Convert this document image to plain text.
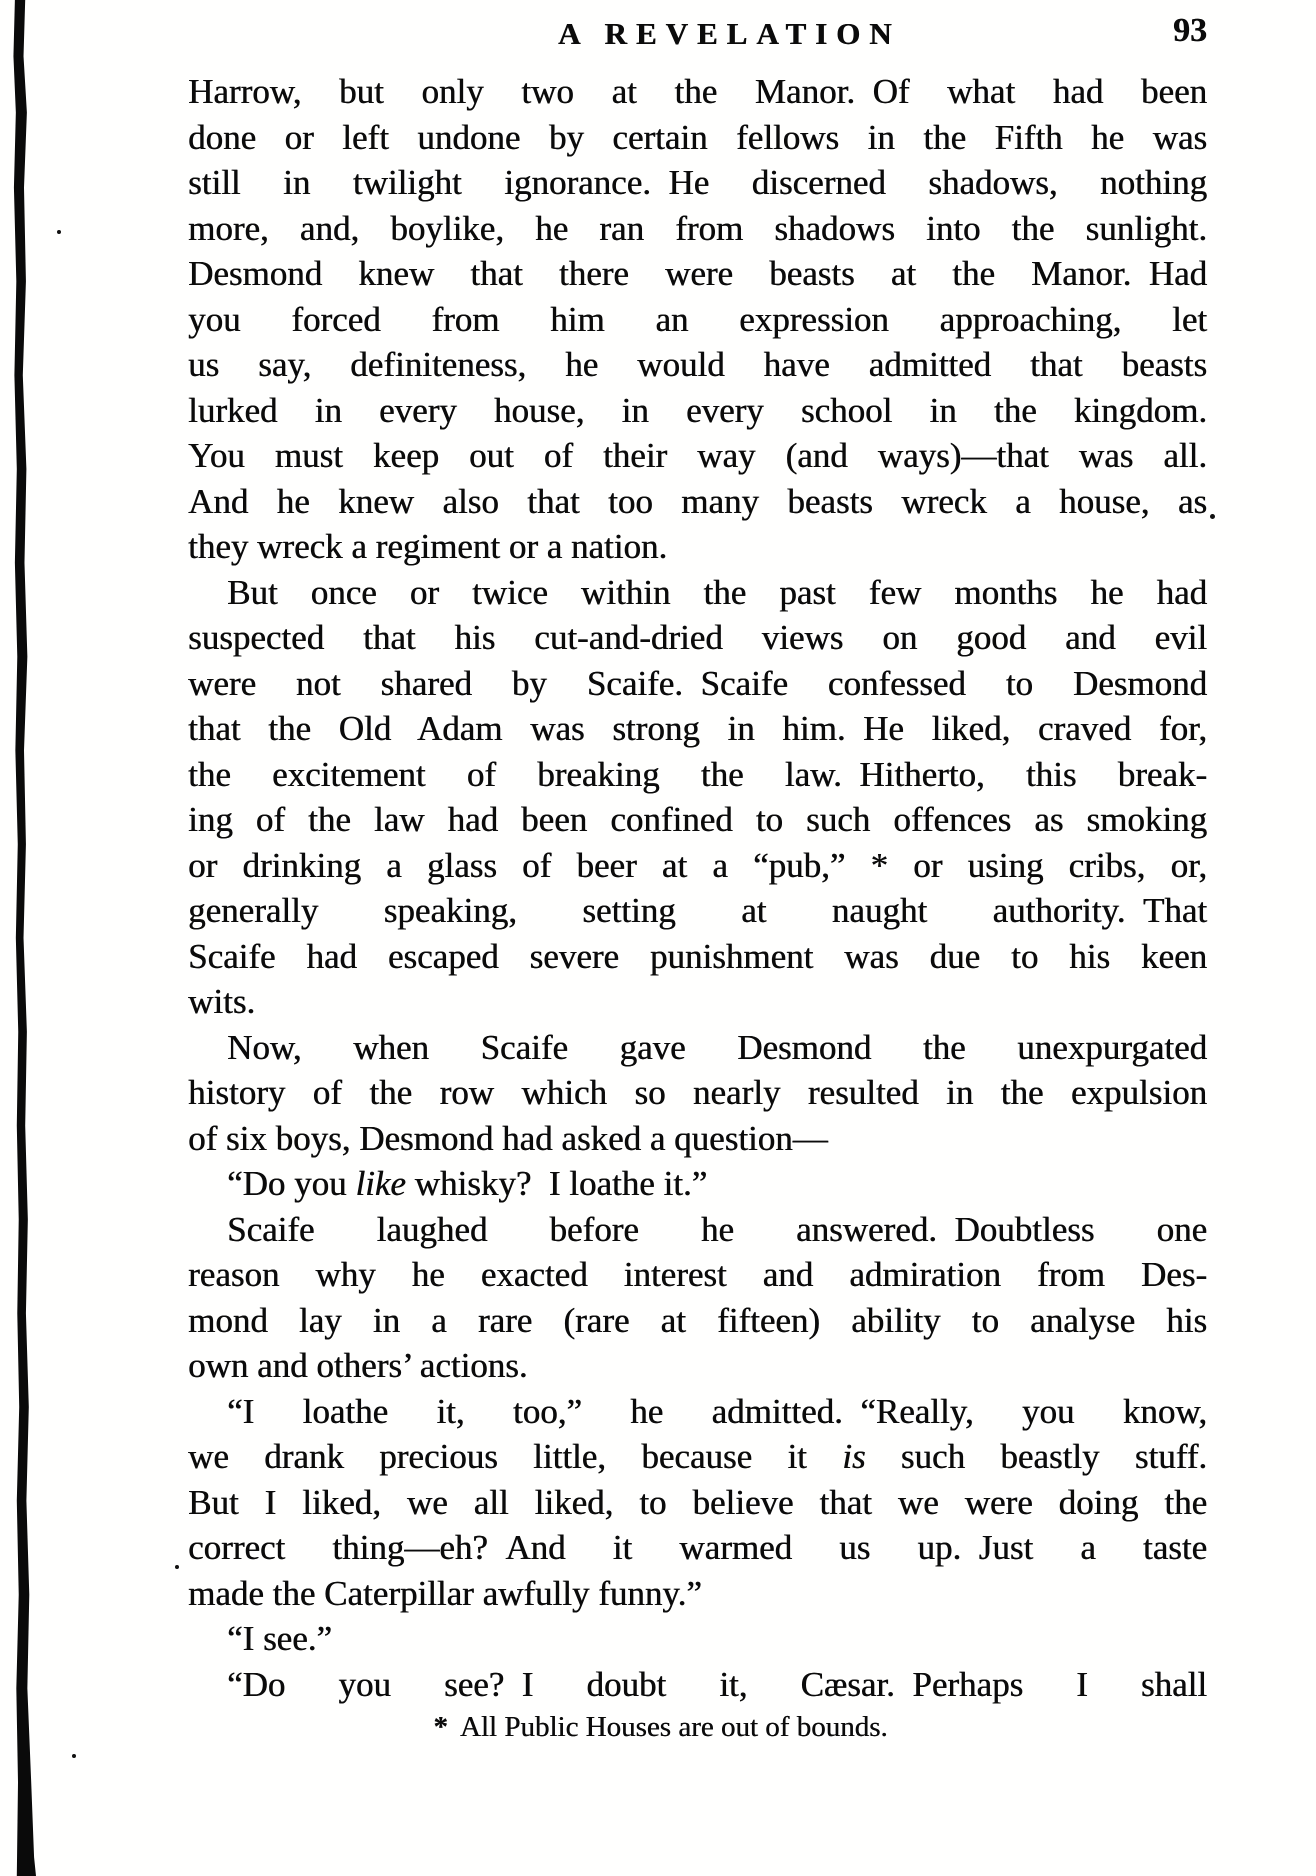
A REVELATION	93
Harrow, but only two at the Manor. Of what had been
done or left undone by certain fellows in the Fifth he was
still in twilight ignorance. He discerned shadows, nothing
more, and, boylike, he ran from shadows into the sunlight.
Desmond knew that there were beasts at the Manor. Had
you forced from him an expression approaching, let
us say, definiteness, he would have admitted that beasts
lurked in every house, in every school in the kingdom.
You must keep out of their way (and ways)—that was all.
And he knew also that too many beasts wreck a house, as
they wreck a regiment or a nation.
But once or twice within the past few months he had
suspected that his cut-and-dried views on good and evil
were not shared by Scaife. Scaife confessed to Desmond
that the Old Adam was strong in him. He liked, craved for,
the excitement of breaking the law. Hitherto, this break-
ing of the law had been confined to such offences as smoking
or drinking a glass of beer at a “pub,” * or using cribs, or,
generally speaking, setting at naught authority. That
Scaife had escaped severe punishment was due to his keen
wits.
Now, when Scaife gave Desmond the unexpurgated
history of the row which so nearly resulted in the expulsion
of six boys, Desmond had asked a question—
“Do you like whisky? I loathe it.”
Scaife laughed before he answered. Doubtless one
reason why he exacted interest and admiration from Des-
mond lay in a rare (rare at fifteen) ability to analyse his
own and others’ actions.
“I loathe it, too,” he admitted. “Really, you know,
we drank precious little, because it is such beastly stuff.
But I liked, we all liked, to believe that we were doing the
correct thing—eh? And it warmed us up. Just a taste
made the Caterpillar awfully funny.”
“I see.”
“Do you see? I doubt it, Cæsar. Perhaps I shall
* All Public Houses are out of bounds.
